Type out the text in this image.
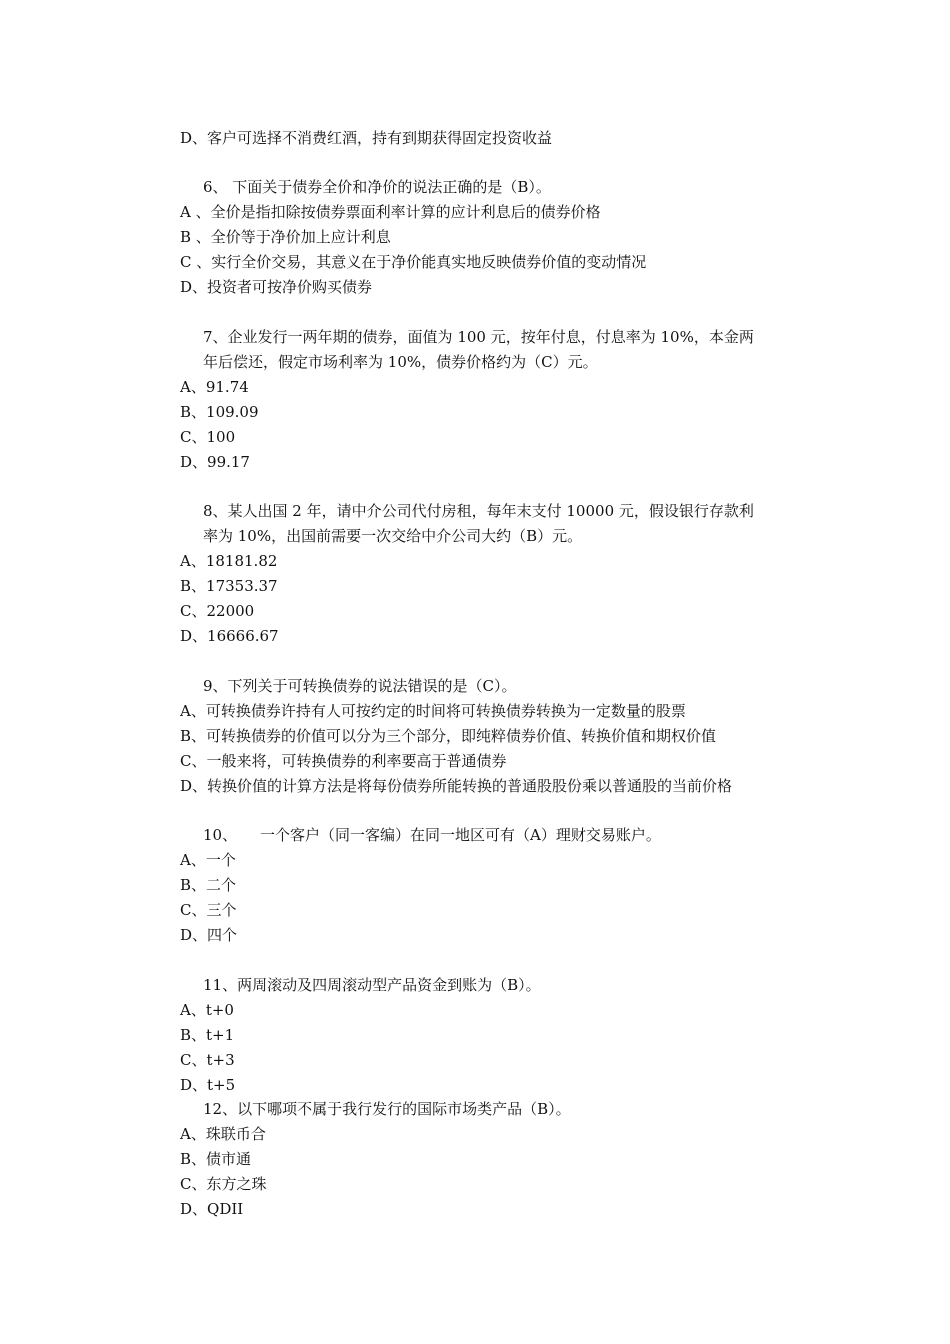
D、客户可选择不消费红酒，持有到期获得固定投资收益
6、 下面关于债券全价和净价的说法正确的是（B）。
A 、全价是指扣除按债券票面利率计算的应计利息后的债券价格
B 、全价等于净价加上应计利息
C 、实行全价交易，其意义在于净价能真实地反映债券价值的变动情况
D、投资者可按净价购买债券
7、企业发行一两年期的债券，面值为 100 元，按年付息，付息率为 10%，本金两
年后偿还，假定市场利率为 10%，债券价格约为（C）元。
A、91.74
B、109.09
C、100
D、99.17
8、某人出国 2 年，请中介公司代付房租，每年末支付 10000 元，假设银行存款利
率为 10%，出国前需要一次交给中介公司大约（B）元。
A、18181.82
B、17353.37
C、22000
D、16666.67
9、下列关于可转换债券的说法错误的是（C）。
A、可转换债券许持有人可按约定的时间将可转换债券转换为一定数量的股票
B、可转换债券的价值可以分为三个部分，即纯粹债券价值、转换价值和期权价值
C、一般来将，可转换债券的利率要高于普通债券
D、转换价值的计算方法是将每份债券所能转换的普通股股份乘以普通股的当前价格
10、	一个客户（同一客编）在同一地区可有（A）理财交易账户。
A、一个
B、二个
C、三个
D、四个
11、两周滚动及四周滚动型产品资金到账为（B）。
A、t+0
B、t+1
C、t+3
D、t+5
12、以下哪项不属于我行发行的国际市场类产品（B）。
A、珠联币合
B、债市通
C、东方之珠
D、QDII
